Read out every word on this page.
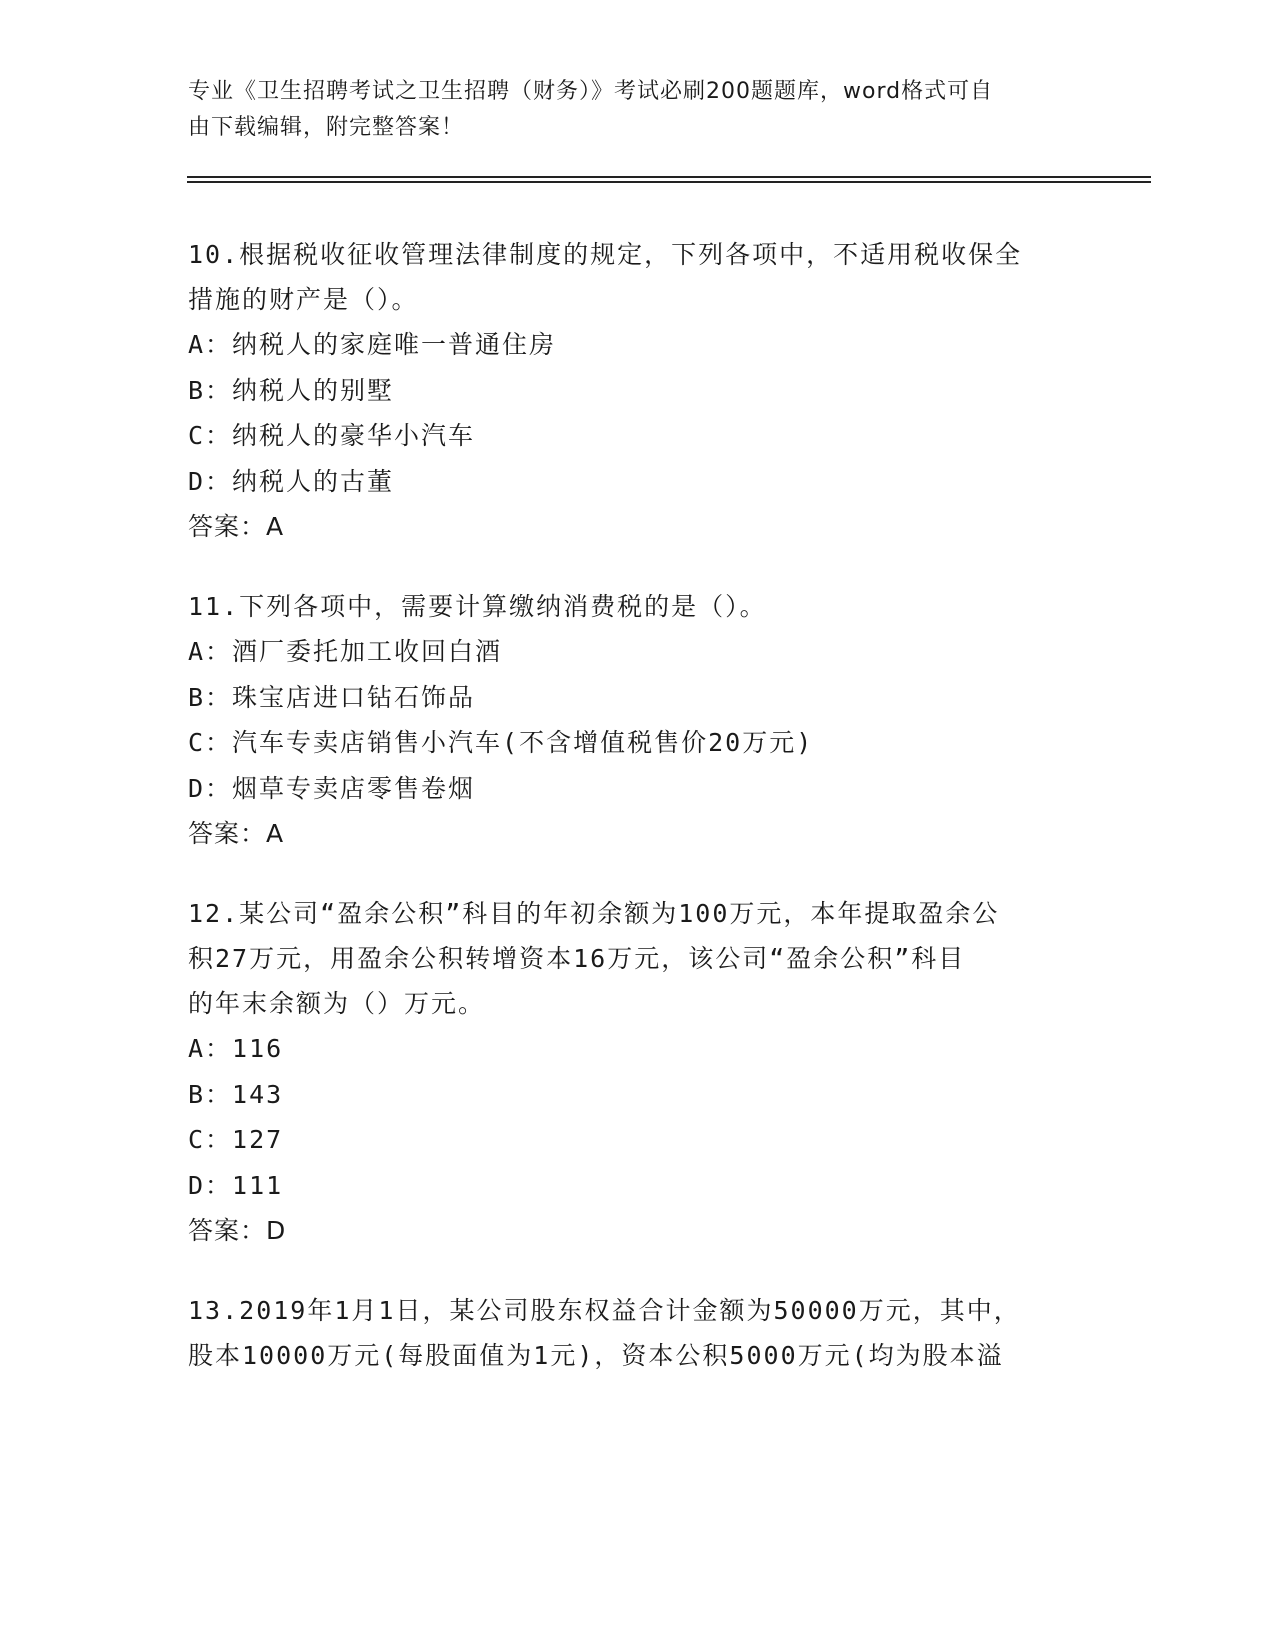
专业《卫生招聘考试之卫生招聘（财务）》考试必刷200题题库，word格式可自
由下载编辑，附完整答案！

10.根据税收征收管理法律制度的规定，下列各项中，不适用税收保全

措施的财产是（）。

A：纳税人的家庭唯一普通住房

B：纳税人的别墅

C：纳税人的豪华小汽车

D：纳税人的古董

答案：A

11.下列各项中，需要计算缴纳消费税的是（）。

A：酒厂委托加工收回白酒

B：珠宝店进口钻石饰品

C：汽车专卖店销售小汽车(不含增值税售价20万元)

D：烟草专卖店零售卷烟

答案：A

12.某公司“盈余公积”科目的年初余额为100万元，本年提取盈余公

积27万元，用盈余公积转增资本16万元，该公司“盈余公积”科目

的年末余额为（）万元。

A：116

B：143

C：127

D：111

答案：D

13.2019年1月1日，某公司股东权益合计金额为50000万元，其中，

股本10000万元(每股面值为1元)，资本公积5000万元(均为股本溢
